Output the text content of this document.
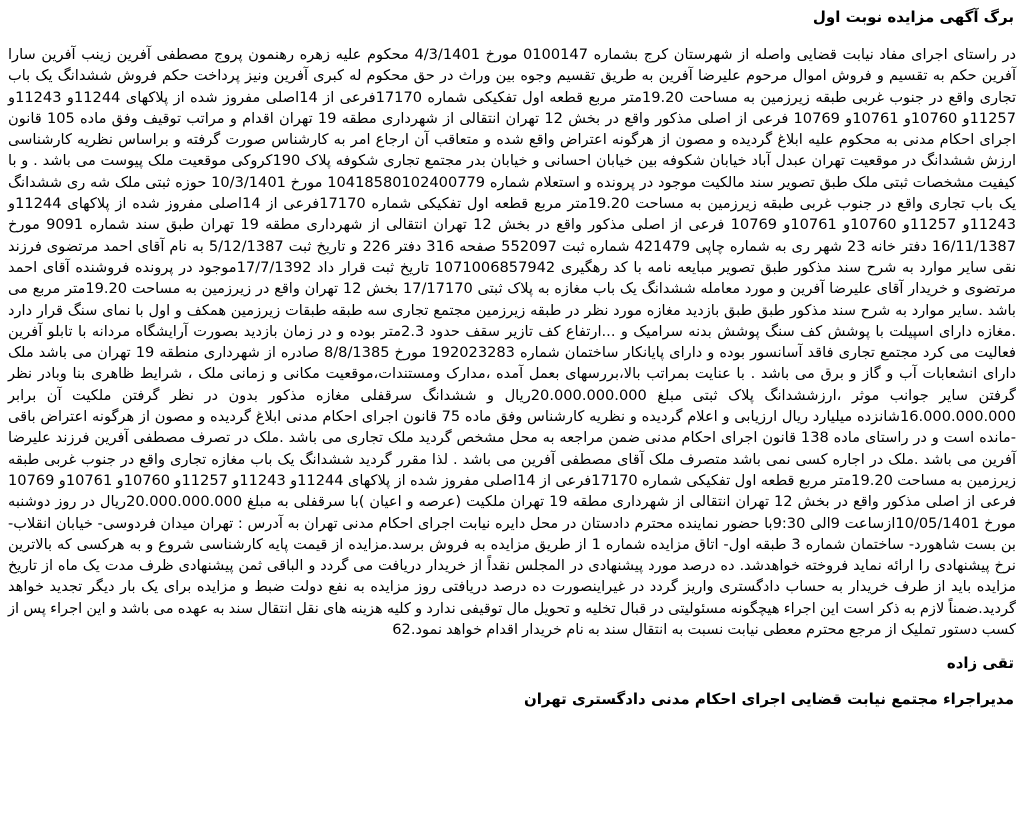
برگ آگهی مزایده نوبت اول

در راستای اجرای مفاد نیابت قضایی واصله از شهرستان کرج بشماره 0100147 مورخ 4/3/1401 محکوم علیه زهره رهنمون پروج مصطفی آفرین زینب آفرین سارا آفرین حکم به تقسیم و فروش اموال مرحوم علیرضا آفرین به طریق تقسیم وجوه بین وراث در حق محکوم له کبری آفرین ونیز پرداخت حکم فروش ششدانگ یک باب تجاری واقع در جنوب غربی طبقه زیرزمین به مساحت 19.20متر مربع قطعه اول تفکیکی شماره 17170فرعی از 14اصلی مفروز شده از پلاکهای 11244و 11243و 11257و 10760و 10761و 10769 فرعی از اصلی مذکور واقع در بخش 12 تهران انتقالی از شهرداری مطقه 19 تهران اقدام و مراتب توقیف وفق ماده 105 قانون اجرای احکام مدنی به محکوم علیه ابلاغ گردیده و مصون از هرگونه اعتراض واقع شده و متعاقب آن ارجاع امر به کارشناس صورت گرفته و براساس نظریه کارشناسی ارزش ششدانگ در موقعیت تهران عبدل آباد خیابان شکوفه بین خیابان احسانی و خیابان بدر مجتمع تجاری شکوفه پلاک 190کروکی موقعیت ملک پیوست می باشد . و با کیفیت مشخصات ثبتی ملک طبق تصویر سند مالکیت موجود در پرونده و استعلام شماره 10418580102400779 مورخ 10/3/1401 حوزه ثبتی ملک شه ری ششدانگ یک باب تجاری واقع در جنوب غربی طبقه زیرزمین به مساحت 19.20متر مربع قطعه اول تفکیکی شماره 17170فرعی از 14اصلی مفروز شده از پلاکهای 11244و 11243و 11257و 10760و 10761و 10769 فرعی از اصلی مذکور واقع در بخش 12 تهران انتقالی از شهرداری مطقه 19 تهران طبق سند شماره 9091 مورخ 16/11/1387 دفتر خانه 23 شهر ری به شماره چاپی 421479 شماره ثبت 552097 صفحه 316 دفتر 226 و تاریخ ثبت 5/12/1387 به نام آقای احمد مرتضوی فرزند نقی سایر موارد به شرح سند مذکور طبق تصویر مبایعه نامه با کد رهگیری 1071006857942 تاریخ ثبت قرار داد 17/7/1392موجود در پرونده فروشنده آقای احمد مرتضوی و خریدار آقای علیرضا آفرین و مورد معامله ششدانگ یک باب مغازه به پلاک ثبتی 17/17170 بخش 12 تهران واقع در زیرزمین به مساحت 19.20متر مربع می باشد .سایر موارد به شرح سند مذکور طبق طبق بازدید مغازه مورد نظر در طبقه زیرزمین مجتمع تجاری سه طبقه طبقات زیرزمین همکف و اول با نمای سنگ قرار دارد .مغازه دارای اسپیلت با پوشش کف سنگ پوشش بدنه سرامیک و ...ارتفاع کف تازیر سقف حدود 2.3متر بوده و در زمان بازدید بصورت آرایشگاه مردانه با تابلو آفرین فعالیت می کرد مجتمع تجاری فاقد آسانسور بوده و دارای پایانکار ساختمان شماره 192023283 مورخ 8/8/1385 صادره از شهرداری منطقه 19 تهران می باشد ملک دارای انشعابات آب و گاز و برق می باشد . با عنایت بمراتب بالا،بررسهای بعمل آمده ،مدارک ومستندات،موقعیت مکانی و زمانی ملک ، شرایط ظاهری بنا وبادر نظر گرفتن سایر جوانب موثر ،ارزششدانگ پلاک ثبتی مبلغ 20.000.000.000ریال و ششدانگ سرقفلی مغازه مذکور بدون در نظر گرفتن ملکیت آن برابر 16.000.000.000شانزده میلیارد ریال ارزیابی و اعلام گردیده و نظریه کارشناس وفق ماده 75 قانون اجرای احکام مدنی ابلاغ گردیده و مصون از هرگونه اعتراض باقی -مانده است و در راستای ماده 138 قانون اجرای احکام مدنی ضمن مراجعه به محل مشخص گردید ملک تجاری می باشد .ملک در تصرف مصطفی آفرین فرزند علیرضا آفرین می باشد .ملک در اجاره کسی نمی باشد متصرف ملک آقای مصطفی آفرین می باشد . لذا مقرر گردید ششدانگ یک باب مغازه تجاری واقع در جنوب غربی طبقه زیرزمین به مساحت 19.20متر مربع قطعه اول تفکیکی شماره 17170فرعی از 14اصلی مفروز شده از پلاکهای 11244و 11243و 11257و 10760و 10761و 10769 فرعی از اصلی مذکور واقع در بخش 12 تهران انتقالی از شهرداری مطقه 19 تهران ملکیت (عرصه و اعیان )با سرقفلی به مبلغ 20.000.000.000ریال در روز دوشنبه مورخ 10/05/1401ازساعت 9الی 9:30با حضور نماینده محترم دادستان در محل دایره نیابت اجرای احکام مدنی تهران به آدرس : تهران میدان فردوسی- خیابان انقلاب- بن بست شاهورد- ساختمان شماره 3 طبقه اول- اتاق مزایده شماره 1 از طریق مزایده به فروش برسد.مزایده از قیمت پایه کارشناسی شروع و به هرکسی که بالاترین نرخ پیشنهادی را ارائه نماید فروخته خواهدشد. ده درصد مورد پیشنهادی در المجلس نقداً از خریدار دریافت می گردد و الباقی ثمن پیشنهادی ظرف مدت یک ماه از تاریخ مزایده باید از طرف خریدار به حساب دادگستری واریز گردد در غیراینصورت ده درصد دریافتی روز مزایده به نفع دولت ضبط و مزایده برای یک بار دیگر تجدید خواهد گردید.ضمناً لازم به ذکر است این اجراء هیچگونه مسئولیتی در قبال تخلیه و تحویل مال توقیفی ندارد و کلیه هزینه های نقل انتقال سند به عهده می باشد و این اجراء پس از کسب دستور تملیک از مرجع محترم معطی نیابت نسبت به انتقال سند به نام خریدار اقدام خواهد نمود.62

تقی زاده
مدیراجراء مجتمع نیابت قضایی اجرای احکام مدنی دادگستری تهران
